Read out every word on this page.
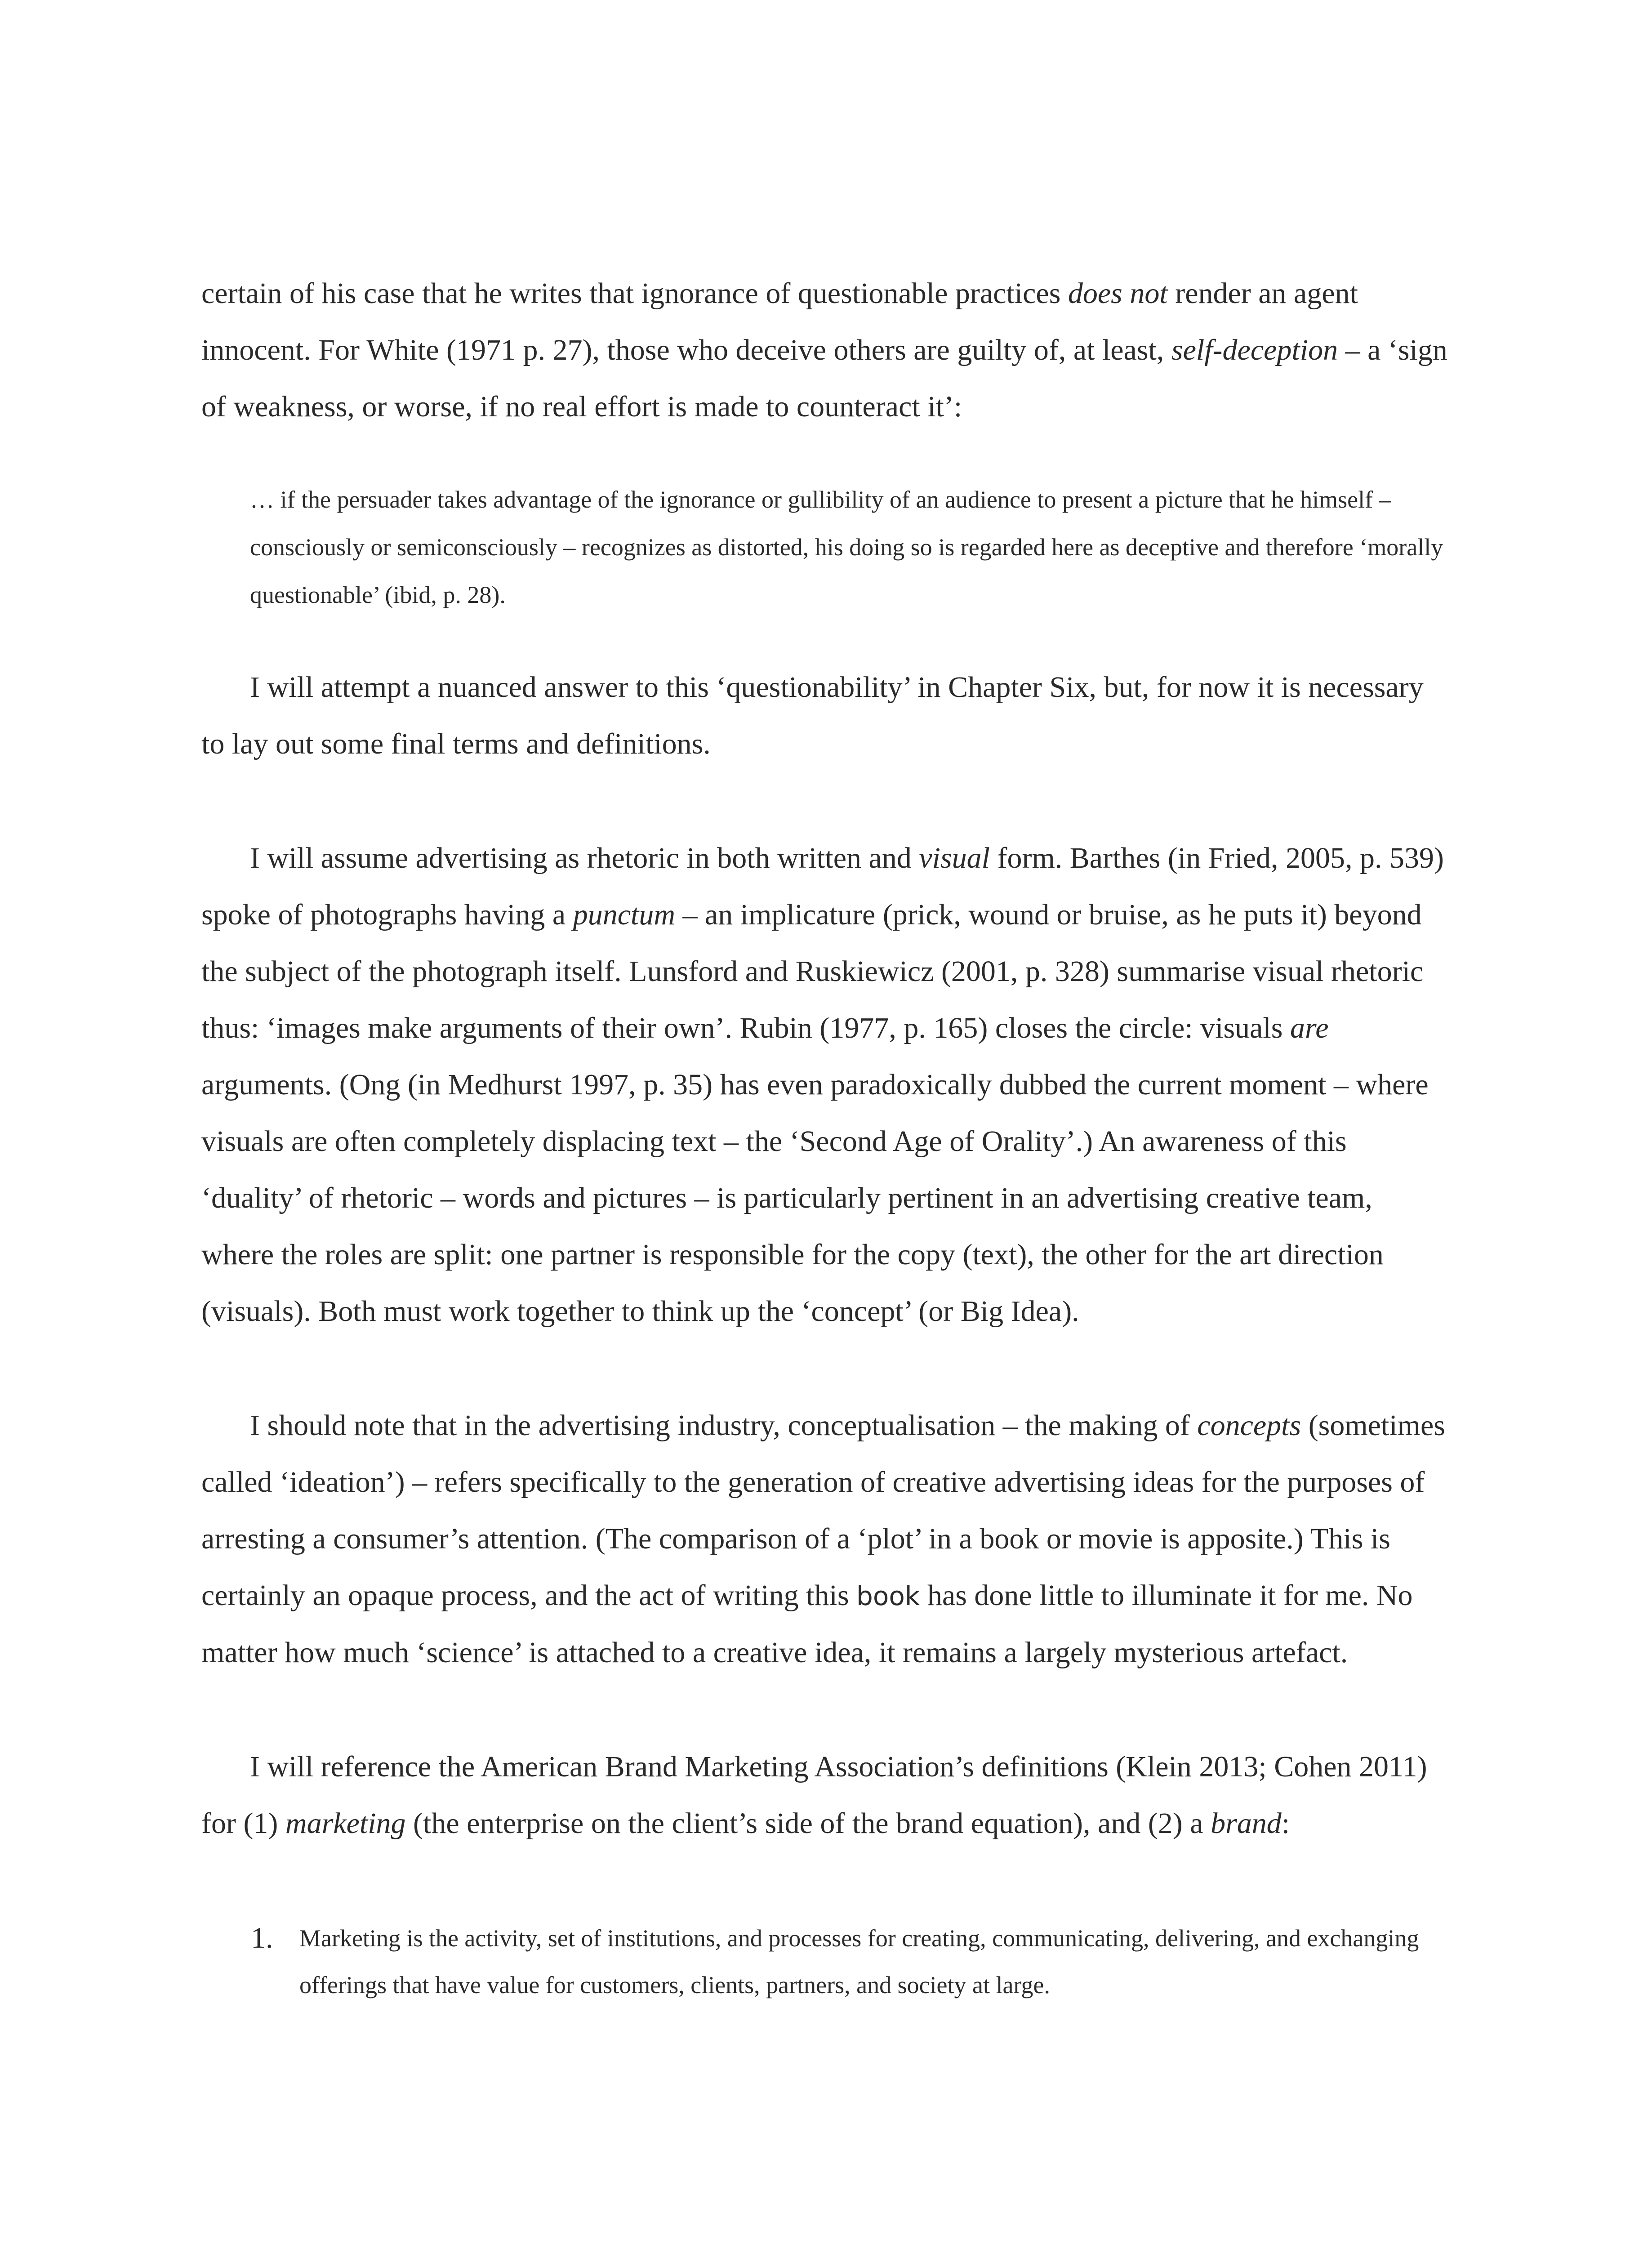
certain of his case that he writes that ignorance of questionable practices does not render an agent innocent. For White (1971 p. 27), those who deceive others are guilty of, at least, self-deception – a ‘sign of weakness, or worse, if no real effort is made to counteract it’:

… if the persuader takes advantage of the ignorance or gullibility of an audience to present a picture that he himself – consciously or semiconsciously – recognizes as distorted, his doing so is regarded here as deceptive and therefore ‘morally questionable’ (ibid, p. 28).

I will attempt a nuanced answer to this ‘questionability’ in Chapter Six, but, for now it is necessary to lay out some final terms and definitions.

I will assume advertising as rhetoric in both written and visual form. Barthes (in Fried, 2005, p. 539) spoke of photographs having a punctum – an implicature (prick, wound or bruise, as he puts it) beyond the subject of the photograph itself. Lunsford and Ruskiewicz (2001, p. 328) summarise visual rhetoric thus: ‘images make arguments of their own’. Rubin (1977, p. 165) closes the circle: visuals are arguments. (Ong (in Medhurst 1997, p. 35) has even paradoxically dubbed the current moment – where visuals are often completely displacing text – the ‘Second Age of Orality’.) An awareness of this ‘duality’ of rhetoric – words and pictures – is particularly pertinent in an advertising creative team, where the roles are split: one partner is responsible for the copy (text), the other for the art direction (visuals). Both must work together to think up the ‘concept’ (or Big Idea).

I should note that in the advertising industry, conceptualisation – the making of concepts (sometimes called ‘ideation’) – refers specifically to the generation of creative advertising ideas for the purposes of arresting a consumer’s attention. (The comparison of a ‘plot’ in a book or movie is apposite.) This is certainly an opaque process, and the act of writing this book has done little to illuminate it for me. No matter how much ‘science’ is attached to a creative idea, it remains a largely mysterious artefact.

I will reference the American Brand Marketing Association’s definitions (Klein 2013; Cohen 2011) for (1) marketing (the enterprise on the client’s side of the brand equation), and (2) a brand:

1.	Marketing is the activity, set of institutions, and processes for creating, communicating, delivering, and exchanging offerings that have value for customers, clients, partners, and society at large.
